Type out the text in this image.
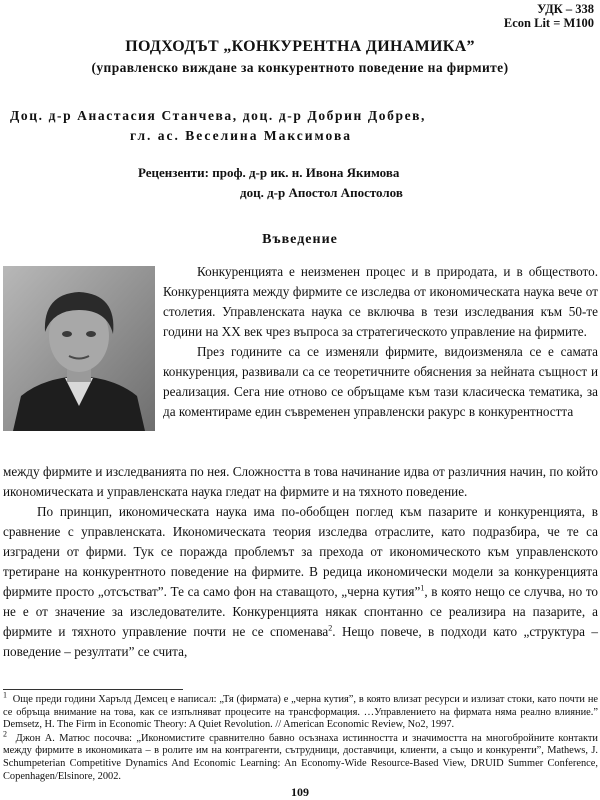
УДК – 338
Econ Lit = M100
ПОДХОДЪТ „КОНКУРЕНТНА ДИНАМИКА”
(управленско виждане за конкурентното поведение на фирмите)
Доц. д-р Анастасия Станчева, доц. д-р Добрин Добрев,
гл. ас. Веселина Максимова
Рецензенти: проф. д-р ик. н. Ивона Якимова
доц. д-р Апостол Апостолов
Въведение

Конкуренцията е неизменен процес и в природата, и в обществото. Конкуренцията между фирмите се изследва от икономическата наука вече от столетия. Управленската наука се включва в тези изследвания към 50-те години на XX век чрез въпроса за стратегическото управление на фирмите.

През годините са се изменяли фирмите, видоизменяла се е самата конкуренция, развивали са се теоретичните обяснения за нейната същност и реализация. Сега ние отново се обръщаме към тази класическа тематика, за да коментираме един съвременен управленски ракурс в конкурентността

между фирмите и изследванията по нея. Сложността в това начинание идва от различния начин, по който икономическата и управленската наука гледат на фирмите и на тяхното поведение.

По принцип, икономическата наука има по-обобщен поглед към пазарите и конкуренцията, в сравнение с управленската. Икономическата теория изследва отраслите, като подразбира, че те са изградени от фирми. Тук се поражда проблемът за прехода от икономическото към управленското третиране на конкурентното поведение на фирмите. В редица икономически модели за конкуренцията фирмите просто „отсъстват”. Те са само фон на ставащото, „черна кутия”$^1$, в която нещо се случва, но то не е от значение за изследователите. Конкуренцията някак спонтанно се реализира на пазарите, а фирмите и тяхното управление почти не се споменава$^2$. Нещо повече, в подходи като „структура – поведение – резултати” се счита,

$^1$ Още преди години Харълд Демсец е написал: „Тя (фирмата) е „черна кутия”, в която влизат ресурси и излизат стоки, като почти не се обръща внимание на това, как се изпълняват процесите на трансформация. …Управлението на фирмата няма реално влияние.” Demsetz, H. The Firm in Economic Theory: A Quiet Revolution. // American Economic Review, No2, 1997.

$^2$ Джон А. Матюс посочва: „Икономистите сравнително бавно осъзнаха истинността и значимостта на многобройните контакти между фирмите в икономиката – в ролите им на контрагенти, сътрудници, доставчици, клиенти, а също и конкуренти”, Mathews, J. Schumpeterian Competitive Dynamics And Economic Learning: An Economy-Wide Resource-Based View, DRUID Summer Conference, Copenhagen/Elsinore, 2002.

109
